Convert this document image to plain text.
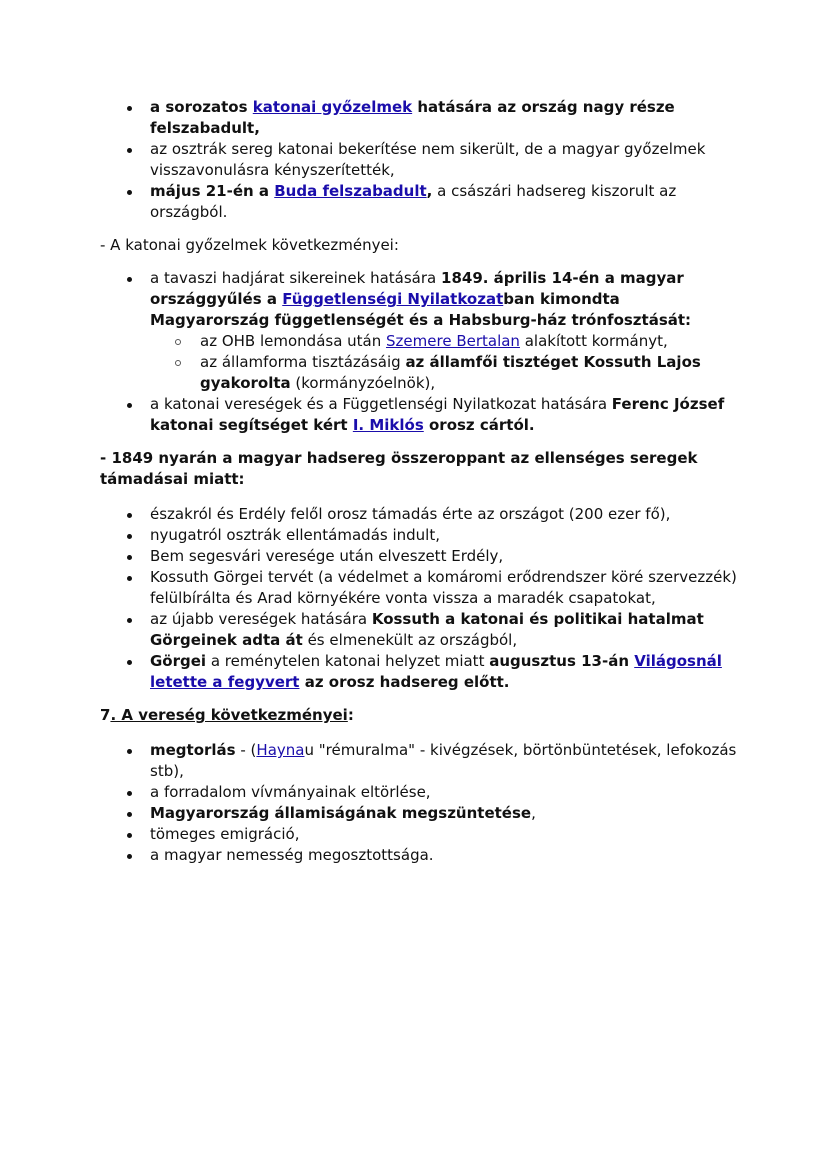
a sorozatos katonai győzelmek hatására az ország nagy része felszabadult,
az osztrák sereg katonai bekerítése nem sikerült, de a magyar győzelmek visszavonulásra kényszerítették,
május 21-én a Buda felszabadult, a császári hadsereg kiszorult az országból.

- A katonai győzelmek következményei:

a tavaszi hadjárat sikereinek hatására 1849. április 14-én a magyar országgyűlés a Függetlenségi Nyilatkozatban kimondta Magyarország függetlenségét és a Habsburg-ház trónfosztását:
az OHB lemondása után Szemere Bertalan alakított kormányt,
az államforma tisztázásáig az államfői tisztéget Kossuth Lajos gyakorolta (kormányzóelnök),
a katonai vereségek és a Függetlenségi Nyilatkozat hatására Ferenc József katonai segítséget kért I. Miklós orosz cártól.

- 1849 nyarán a magyar hadsereg összeroppant az ellenséges seregek támadásai miatt:

északról és Erdély felől orosz támadás érte az országot (200 ezer fő),
nyugatról osztrák ellentámadás indult,
Bem segesvári veresége után elveszett Erdély,
Kossuth Görgei tervét (a védelmet a komáromi erődrendszer köré szervezzék) felülbírálta és Arad környékére vonta vissza a maradék csapatokat,
az újabb vereségek hatására Kossuth a katonai és politikai hatalmat Görgeinek adta át és elmenekült az országból,
Görgei a reménytelen katonai helyzet miatt augusztus 13-án Világosnál letette a fegyvert az orosz hadsereg előtt.

7. A vereség következményei:

megtorlás - (Haynau "rémuralma" - kivégzések, börtönbüntetések, lefokozás stb),
a forradalom vívmányainak eltörlése,
Magyarország államiságának megszüntetése,
tömeges emigráció,
a magyar nemesség megosztottsága.
